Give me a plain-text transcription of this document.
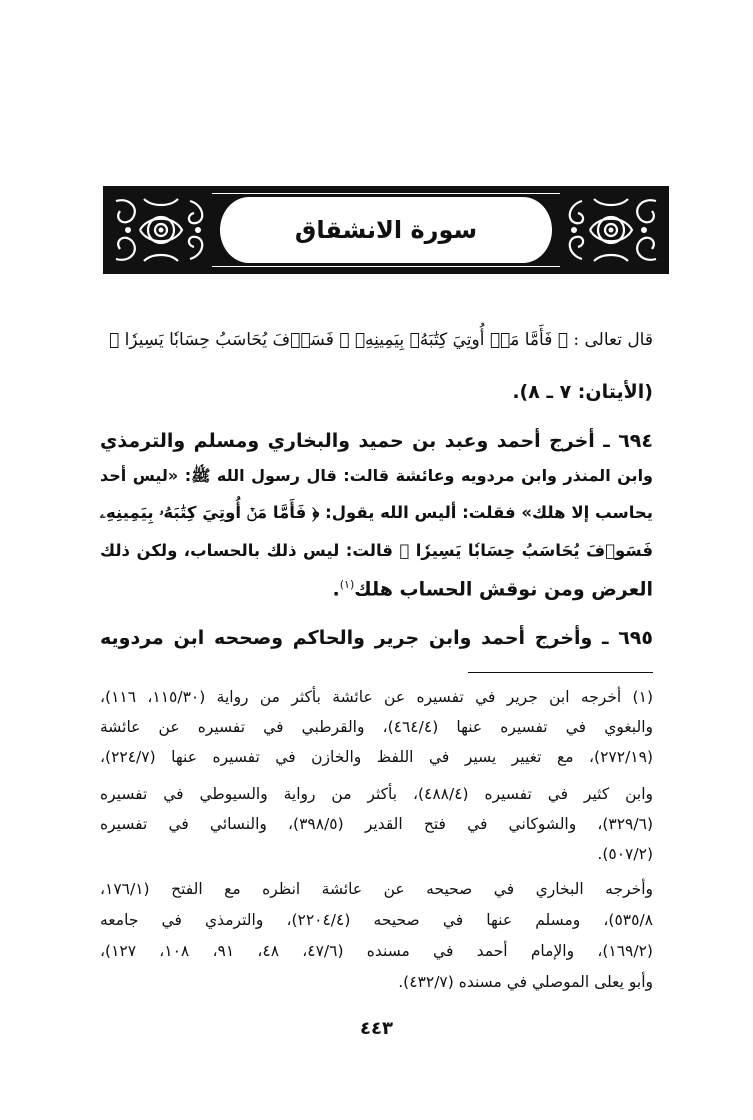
سورة الانشقاق
قال تعالى : ﴿ فَأَمَّا مَنۡ أُوتِيَ كِتَٰبَهُۥ بِيَمِينِهِۦ ۞ فَسَوۡفَ يُحَاسَبُ حِسَابٗا يَسِيرٗا ﴾
(الأيتان: ٧ ـ ٨).
٦٩٤ ـ أخرج أحمد وعبد بن حميد والبخاري ومسلم والترمذي
وابن المنذر وابن مردويه وعائشة قالت: قال رسول الله ﷺ: «ليس أحد
يحاسب إلا هلك» فقلت: أليس الله يقول: ﴿ فَأَمَّا مَنۡ أُوتِيَ كِتَٰبَهُۥ بِيَمِينِهِۦ
فَسَوۡفَ يُحَاسَبُ حِسَابٗا يَسِيرٗا ﴾ قالت: ليس ذلك بالحساب، ولكن ذلك
العرض ومن نوقش الحساب هلك$^{(١)}$.
٦٩٥ ـ وأخرج أحمد وابن جرير والحاكم وصححه ابن مردويه
(١) أخرجه ابن جرير في تفسيره عن عائشة بأكثر من رواية (١١٥/٣٠، ١١٦)،
والبغوي في تفسيره عنها (٤٦٤/٤)، والقرطبي في تفسيره عن عائشة
(٢٧٢/١٩)، مع تغيير يسير في اللفظ والخازن في تفسيره عنها (٢٢٤/٧)،
وابن كثير في تفسيره (٤٨٨/٤)، بأكثر من رواية والسيوطي في تفسيره
(٣٢٩/٦)، والشوكاني في فتح القدير (٣٩٨/٥)، والنسائي في تفسيره
(٥٠٧/٢).
وأخرجه البخاري في صحيحه عن عائشة انظره مع الفتح (١٧٦/١،
٥٣٥/٨)، ومسلم عنها في صحيحه (٢٢٠٤/٤)، والترمذي في جامعه
(١٦٩/٢)، والإمام أحمد في مسنده (٤٧/٦، ٤٨، ٩١، ١٠٨، ١٢٧)،
وأبو يعلى الموصلي في مسنده (٤٣٢/٧).
٤٤٣
